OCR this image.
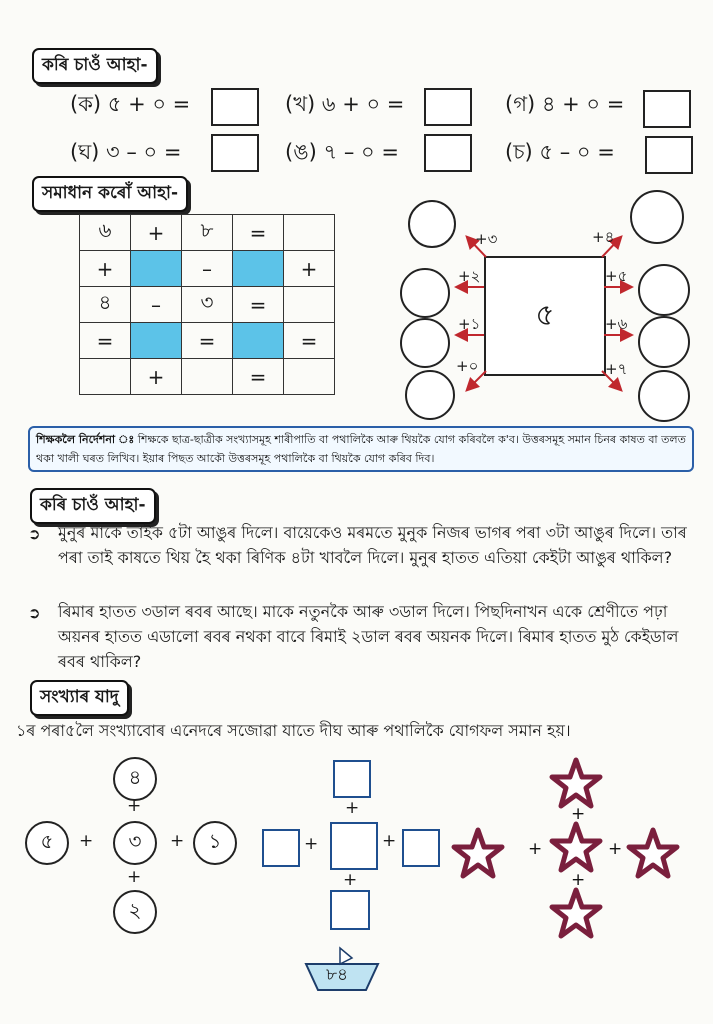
কৰি চাওঁ আহা-
(ক) ৫ + ০ =	(খ) ৬ + ০ =	(গ) ৪ + ০ =
(ঘ) ৩ – ০ =	(ঙ) ৭ – ০ =	(চ) ৫ – ০ =
সমাধান কৰোঁ আহা-
৬	+	৮	=	
+		–		+
৪	–	৩	=	
=		=		=
	+		=	
৫
+৩	+৪
+২
+১
+০
+৫
+৬
+৭
শিক্ষকলৈ নিৰ্দেশনা ঃ শিক্ষকে ছাত্ৰ-ছাত্ৰীক সংখ্যাসমূহ শাৰীপাতি বা পথালিকৈ আৰু থিয়কৈ যোগ কৰিবলৈ ক'ব। উত্তৰসমূহ সমান চিনৰ কাষত বা তলত থকা খালী ঘৰত লিখিব। ইয়াৰ পিছত আকৌ উত্তৰসমূহ পথালিকৈ বা থিয়কৈ যোগ কৰিব দিব।
কৰি চাওঁ আহা-
➲ মুনুৰ মাকে তাইক ৫টা আঙুৰ দিলে। বায়েকেও মৰমতে মুনুক নিজৰ ভাগৰ পৰা ৩টা আঙুৰ দিলে। তাৰ পৰা তাই কাষতে থিয় হৈ থকা ৰিণিক ৪টা খাবলৈ দিলে। মুনুৰ হাতত এতিয়া কেইটা আঙুৰ থাকিল?
➲ ৰিমাৰ হাতত ৩ডাল ৰবৰ আছে। মাকে নতুনকৈ আৰু ৩ডাল দিলে। পিছদিনাখন একে শ্ৰেণীতে পঢ়া অয়নৰ হাতত এডালো ৰবৰ নথকা বাবে ৰিমাই ২ডাল ৰবৰ অয়নক দিলে। ৰিমাৰ হাতত মুঠ কেইডাল ৰবৰ থাকিল?
সংখ্যাৰ যাদু
১ৰ পৰা৫লৈ সংখ্যাবোৰ এনেদৰে সজোৱা যাতে দীঘ আৰু পথালিকৈ যোগফল সমান হয়।
৪
+
৫	+	৩	+	১
+
২
+
+	+
+
+
+	+
+
৮৪
